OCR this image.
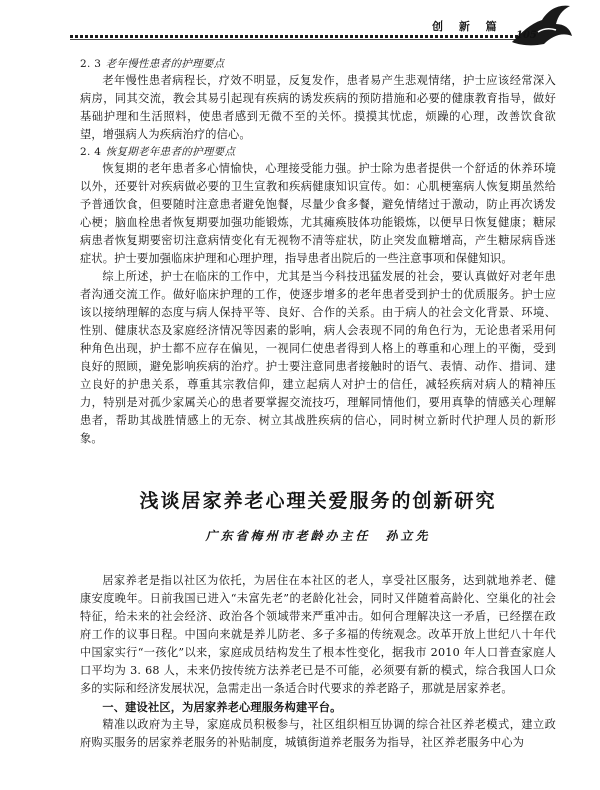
创 新 篇
105
2. 3 老年慢性患者的护理要点

老年慢性患者病程长，疗效不明显，反复发作，患者易产生悲观情绪，护士应该经常深入病房，同其交流，教会其易引起现有疾病的诱发疾病的预防措施和必要的健康教育指导，做好基础护理和生活照料，使患者感到无微不至的关怀。摸摸其忧虑，烦躁的心理，改善饮食欲望，增强病人为疾病治疗的信心。

2. 4 恢复期老年患者的护理要点

恢复期的老年患者多心情愉快，心理接受能力强。护士除为患者提供一个舒适的休养环境以外，还要针对疾病做必要的卫生宣教和疾病健康知识宣传。如：心肌梗塞病人恢复期虽然给予普通饮食，但要随时注意患者避免饱餐，尽量少食多餐，避免情绪过于激动，防止再次诱发心梗；脑血栓患者恢复期要加强功能锻炼，尤其瘫痪肢体功能锻炼，以便早日恢复健康；糖尿病患者恢复期要密切注意病情变化有无视物不清等症状，防止突发血糖增高，产生糖尿病昏迷症状。护士要加强临床护理和心理护理，指导患者出院后的一些注意事项和保健知识。

综上所述，护士在临床的工作中，尤其是当今科技迅猛发展的社会，要认真做好对老年患者沟通交流工作。做好临床护理的工作，使逐步增多的老年患者受到护士的优质服务。护士应该以接纳理解的态度与病人保持平等、良好、合作的关系。由于病人的社会文化背景、环境、性别、健康状态及家庭经济情况等因素的影响，病人会表现不同的角色行为，无论患者采用何种角色出现，护士都不应存在偏见，一视同仁使患者得到人格上的尊重和心理上的平衡，受到良好的照顾，避免影响疾病的治疗。护士要注意同患者接触时的语气、表情、动作、措词、建立良好的护患关系，尊重其宗教信仰，建立起病人对护士的信任，减轻疾病对病人的精神压力，特别是对孤少家属关心的患者要掌握交流技巧，理解同情他们，要用真挚的情感关心理解患者，帮助其战胜情感上的无奈、树立其战胜疾病的信心，同时树立新时代护理人员的新形象。

浅谈居家养老心理关爱服务的创新研究
广东省梅州市老龄办主任　孙立先

居家养老是指以社区为依托，为居住在本社区的老人，享受社区服务，达到就地养老、健康安度晚年。日前我国已进入“未富先老”的老龄化社会，同时又伴随着高龄化、空巢化的社会特征，给未来的社会经济、政治各个领域带来严重冲击。如何合理解决这一矛盾，已经摆在政府工作的议事日程。中国向来就是养儿防老、多子多福的传统观念。改革开放上世纪八十年代中国家实行“一孩化”以来，家庭成员结构发生了根本性变化，据我市 2010 年人口普查家庭人口平均为 3. 68 人，未来仍按传统方法养老已是不可能，必须要有新的模式，综合我国人口众多的实际和经济发展状况，急需走出一条适合时代要求的养老路子，那就是居家养老。

一、建设社区，为居家养老心理服务构建平台。

精准以政府为主导，家庭成员积极参与，社区组织相互协调的综合社区养老模式，建立政府购买服务的居家养老服务的补贴制度，城镇街道养老服务为指导，社区养老服务中心为
